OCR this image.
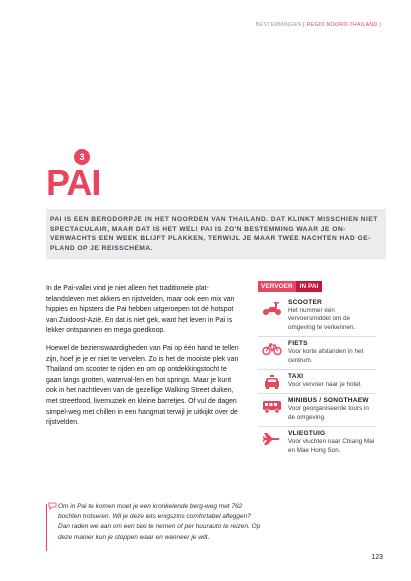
BESTEMMINGEN [ REGIO NOORD-THAILAND ]
3
PAI
PAI IS EEN BERGDORPJE IN HET NOORDEN VAN THAILAND. DAT KLINKT MISSCHIEN NIET SPECTACULAIR, MAAR DAT IS HET WEL! PAI IS ZO'N BESTEMMING WAAR JE ON-VERWACHTS EEN WEEK BLIJFT PLAKKEN, TERWIJL JE MAAR TWEE NACHTEN HAD GE-PLAND OP JE REISSCHEMA.

In de Pai-vallei vind je niet alleen het traditionele plat-telandsleven met akkers en rijstvelden, maar ook een mix van hippies en hipsters die Pai hebben uitgeroepen tot dé hotspot van Zuidoost-Azië. En dat is niet gek, want het leven in Pai is lekker ontspannen en mega goedkoop.

Hoewel de bezienswaardigheden van Pai op één hand te tellen zijn, hoef je je er niet te vervelen. Zo is het de mooiste plek van Thailand om scooter te rijden en om op ontdekkingstocht te gaan langs grotten, waterval-len en hot springs. Maar je kunt ook in het nachtleven van de gezellige Walking Street duiken, met streetfood, livemuziek en kleine barretjes. Of vul de dagen simpel-weg met chillen in een hangmat terwijl je uitkijkt over de rijstvelden.

Om in Pai te komen moet je een kronkelende berg-weg met 762 bochten trotseren. Wil je deze iets enigszins comfortabel afleggen? Dan raden we aan om een taxi te nemen of per huurauto te reizen. Op deze manier kun je stoppen waar en wanneer je wilt.
VERVOER	IN PAI
SCOOTER
Het nummer één vervoersmiddel om de omgeving te verkennen.
FIETS
Voor korte afstanden in het centrum.
TAXI
Voor vervoer naar je hotel.
MINIBUS / SONGTHAEW
Voor georganiseerde tours in de omgeving.
VLIEGTUIG
Voor vluchten naar Chiang Mai en Mae Hong Son.
123
